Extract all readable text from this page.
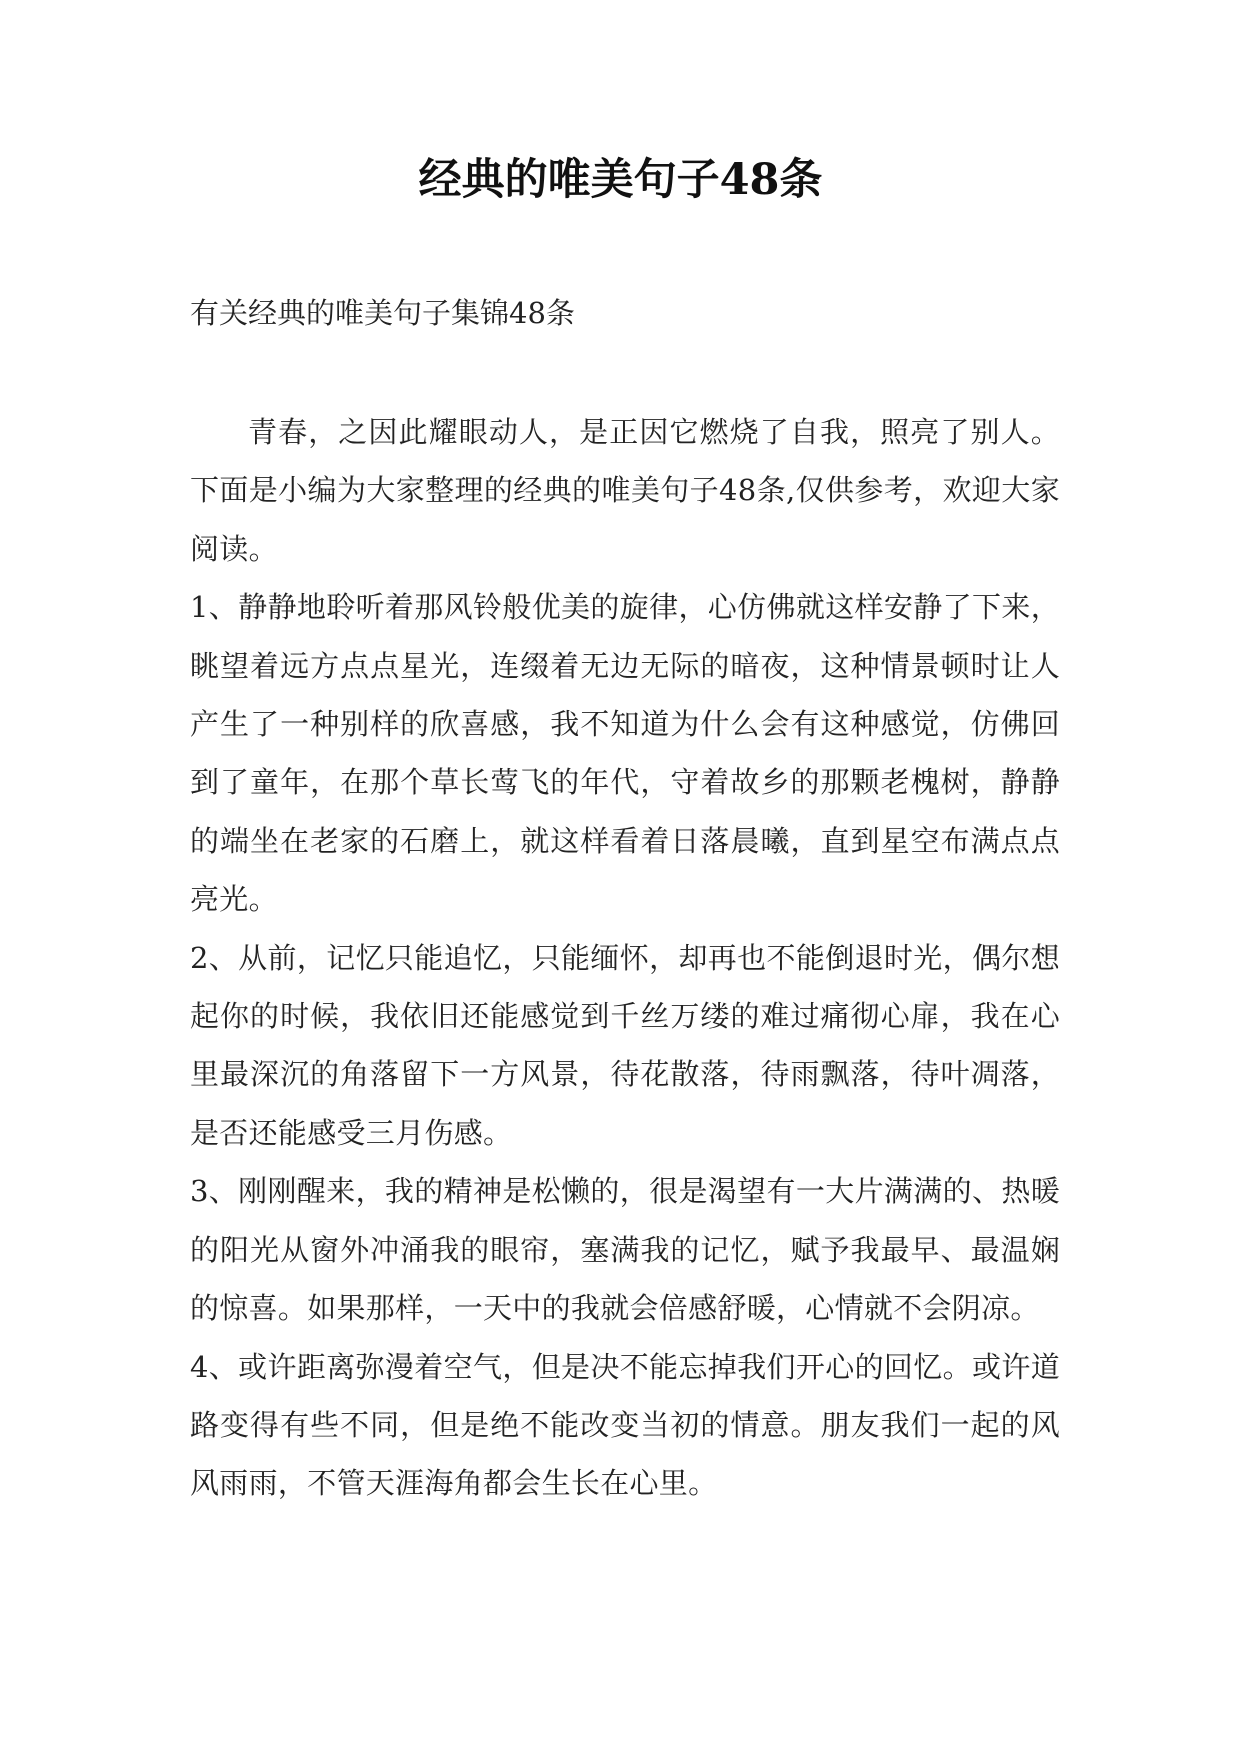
经典的唯美句子48条
有关经典的唯美句子集锦48条

青春，之因此耀眼动人，是正因它燃烧了自我，照亮了别人。下面是小编为大家整理的经典的唯美句子48条,仅供参考，欢迎大家阅读。

1、静静地聆听着那风铃般优美的旋律，心仿佛就这样安静了下来，眺望着远方点点星光，连缀着无边无际的暗夜，这种情景顿时让人产生了一种别样的欣喜感，我不知道为什么会有这种感觉，仿佛回到了童年，在那个草长莺飞的年代，守着故乡的那颗老槐树，静静的端坐在老家的石磨上，就这样看着日落晨曦，直到星空布满点点亮光。

2、从前，记忆只能追忆，只能缅怀，却再也不能倒退时光，偶尔想起你的时候，我依旧还能感觉到千丝万缕的难过痛彻心扉，我在心里最深沉的角落留下一方风景，待花散落，待雨飘落，待叶凋落，是否还能感受三月伤感。

3、刚刚醒来，我的精神是松懒的，很是渴望有一大片满满的、热暖的阳光从窗外冲涌我的眼帘，塞满我的记忆，赋予我最早、最温娴的惊喜。如果那样，一天中的我就会倍感舒暖，心情就不会阴凉。

4、或许距离弥漫着空气，但是决不能忘掉我们开心的回忆。或许道路变得有些不同，但是绝不能改变当初的情意。朋友我们一起的风风雨雨，不管天涯海角都会生长在心里。
